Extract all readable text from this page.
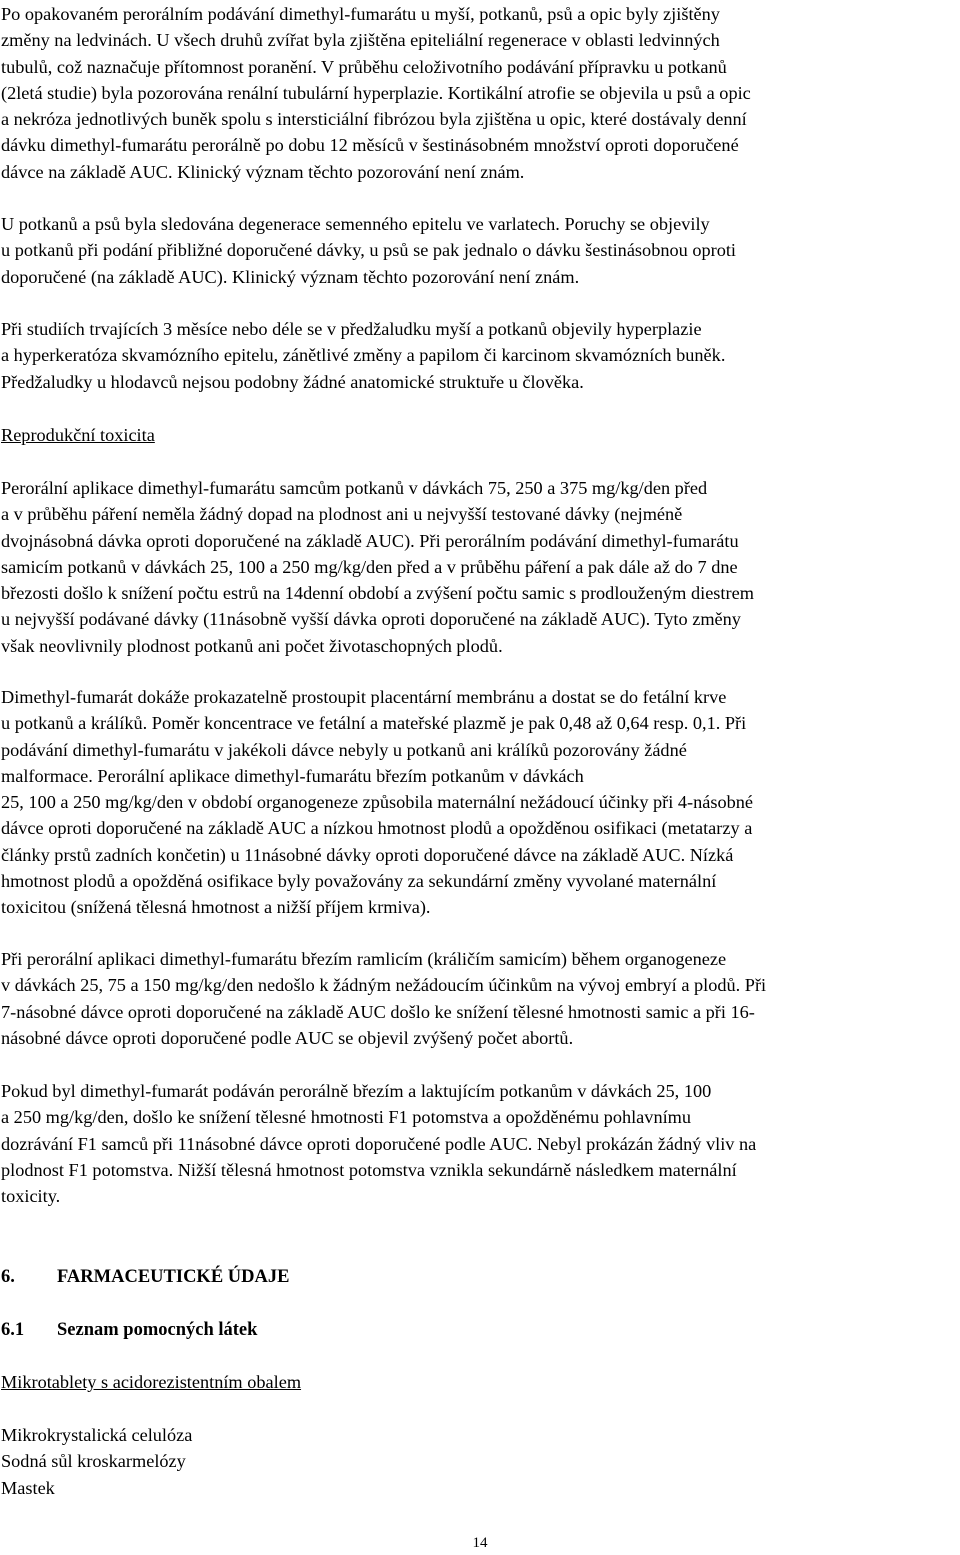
Po opakovaném perorálním podávání dimethyl-fumarátu u myší, potkanů, psů a opic byly zjištěny
změny na ledvinách. U všech druhů zvířat byla zjištěna epiteliální regenerace v oblasti ledvinných
tubulů, což naznačuje přítomnost poranění. V průběhu celoživotního podávání přípravku u potkanů
(2letá studie) byla pozorována renální tubulární hyperplazie. Kortikální atrofie se objevila u psů a opic
a nekróza jednotlivých buněk spolu s intersticiální fibrózou byla zjištěna u opic, které dostávaly denní
dávku dimethyl-fumarátu perorálně po dobu 12 měsíců v šestinásobném množství oproti doporučené
dávce na základě AUC. Klinický význam těchto pozorování není znám.

U potkanů a psů byla sledována degenerace semenného epitelu ve varlatech. Poruchy se objevily
u potkanů při podání přibližné doporučené dávky, u psů se pak jednalo o dávku šestinásobnou oproti
doporučené (na základě AUC). Klinický význam těchto pozorování není znám.

Při studiích trvajících 3 měsíce nebo déle se v předžaludku myší a potkanů objevily hyperplazie
a hyperkeratóza skvamózního epitelu, zánětlivé změny a papilom či karcinom skvamózních buněk.
Předžaludky u hlodavců nejsou podobny žádné anatomické struktuře u člověka.

Reprodukční toxicita

Perorální aplikace dimethyl-fumarátu samcům potkanů v dávkách 75, 250 a 375 mg/kg/den před
a v průběhu páření neměla žádný dopad na plodnost ani u nejvyšší testované dávky (nejméně
dvojnásobná dávka oproti doporučené na základě AUC). Při perorálním podávání dimethyl-fumarátu
samicím potkanů v dávkách 25, 100 a 250 mg/kg/den před a v průběhu páření a pak dále až do 7 dne
březosti došlo k snížení počtu estrů na 14denní období a zvýšení počtu samic s prodlouženým diestrem
u nejvyšší podávané dávky (11násobně vyšší dávka oproti doporučené na základě AUC). Tyto změny
však neovlivnily plodnost potkanů ani počet životaschopných plodů.

Dimethyl-fumarát dokáže prokazatelně prostoupit placentární membránu a dostat se do fetální krve
u potkanů a králíků. Poměr koncentrace ve fetální a mateřské plazmě je pak 0,48 až 0,64 resp. 0,1. Při
podávání dimethyl-fumarátu v jakékoli dávce nebyly u potkanů ani králíků pozorovány žádné
malformace. Perorální aplikace dimethyl-fumarátu březím potkanům v dávkách
25, 100 a 250 mg/kg/den v období organogeneze způsobila maternální nežádoucí účinky při 4-násobné
dávce oproti doporučené na základě AUC a nízkou hmotnost plodů a opožděnou osifikaci (metatarzy a
články prstů zadních končetin) u 11násobné dávky oproti doporučené dávce na základě AUC. Nízká
hmotnost plodů a opožděná osifikace byly považovány za sekundární změny vyvolané maternální
toxicitou (snížená tělesná hmotnost a nižší příjem krmiva).

Při perorální aplikaci dimethyl-fumarátu březím ramlicím (králičím samicím) během organogeneze
v dávkách 25, 75 a 150 mg/kg/den nedošlo k žádným nežádoucím účinkům na vývoj embryí a plodů. Při
7-násobné dávce oproti doporučené na základě AUC došlo ke snížení tělesné hmotnosti samic a při 16-
násobné dávce oproti doporučené podle AUC se objevil zvýšený počet abortů.

Pokud byl dimethyl-fumarát podáván perorálně březím a laktujícím potkanům v dávkách 25, 100
a 250 mg/kg/den, došlo ke snížení tělesné hmotnosti F1 potomstva a opožděnému pohlavnímu
dozrávání F1 samců při 11násobné dávce oproti doporučené podle AUC. Nebyl prokázán žádný vliv na
plodnost F1 potomstva. Nižší tělesná hmotnost potomstva vznikla sekundárně následkem maternální
toxicity.

6. FARMACEUTICKÉ ÚDAJE

6.1 Seznam pomocných látek

Mikrotablety s acidorezistentním obalem

Mikrokrystalická celulóza

Sodná sůl kroskarmelózy

Mastek

14
